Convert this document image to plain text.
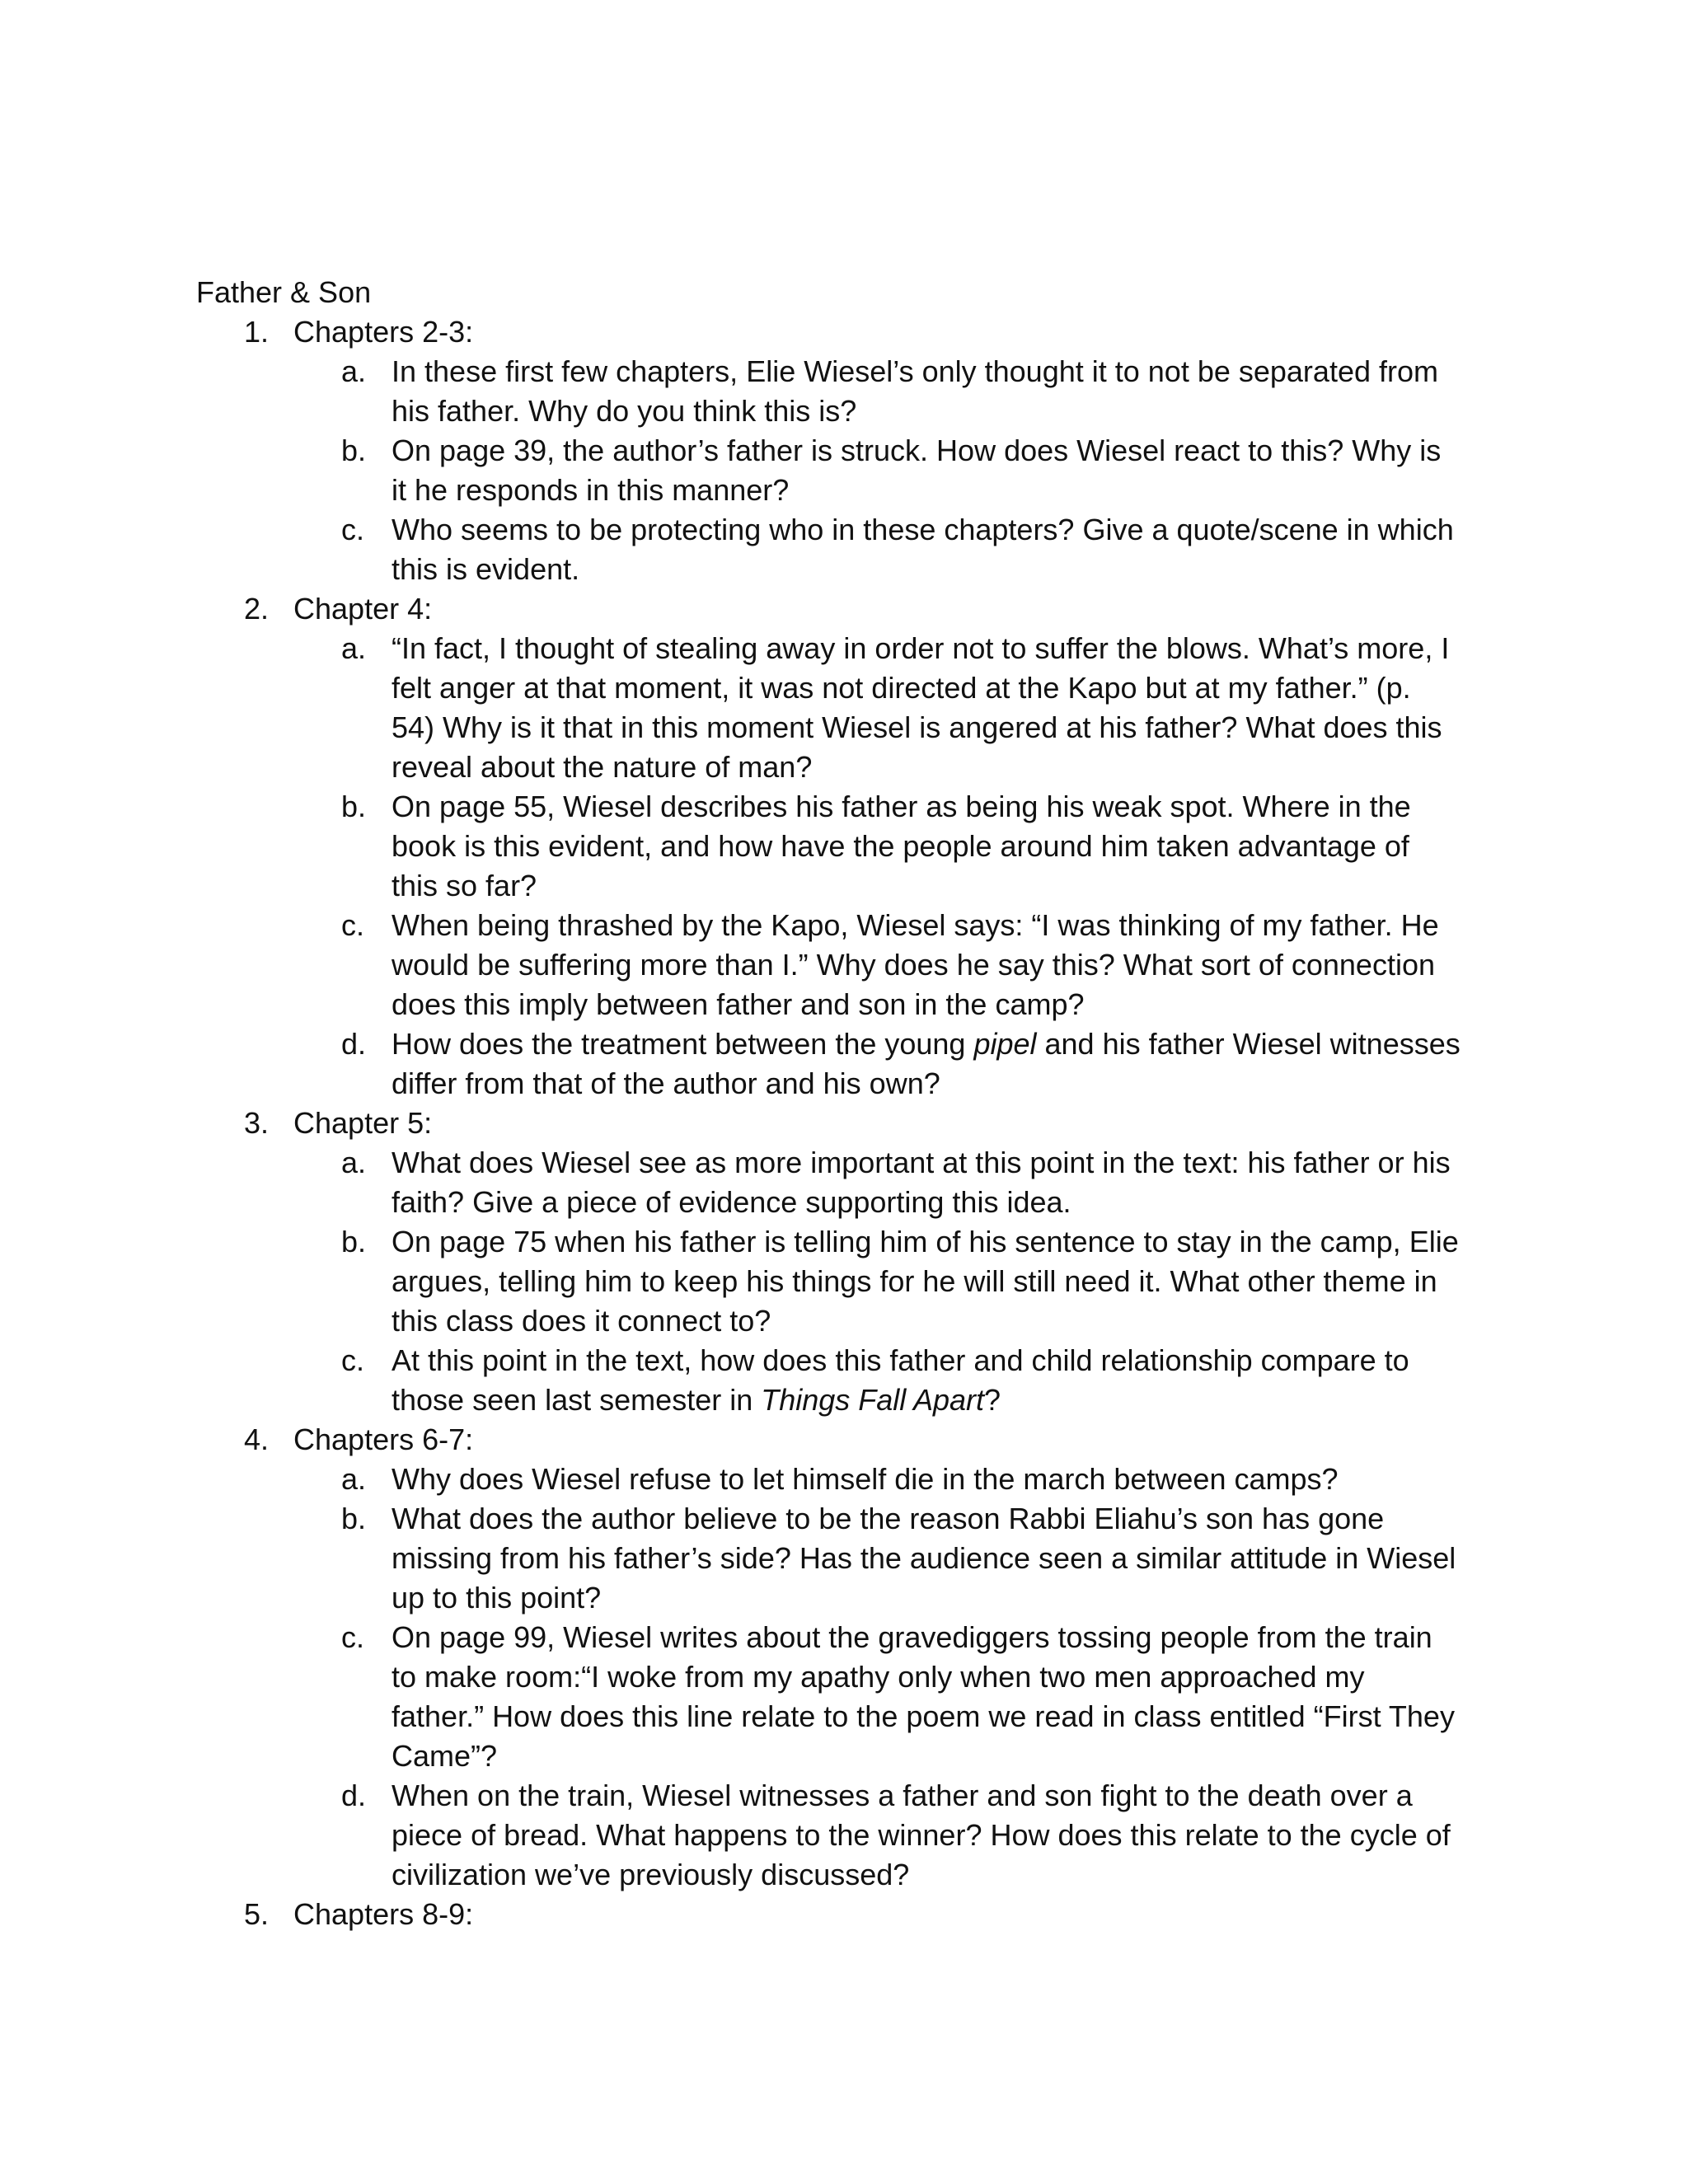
Father & Son
1. Chapters 2-3:
a. In these first few chapters, Elie Wiesel’s only thought it to not be separated from
his father. Why do you think this is?
b. On page 39, the author’s father is struck. How does Wiesel react to this? Why is
it he responds in this manner?
c. Who seems to be protecting who in these chapters? Give a quote/scene in which
this is evident.
2. Chapter 4:
a. “In fact, I thought of stealing away in order not to suffer the blows. What’s more, I
felt anger at that moment, it was not directed at the Kapo but at my father.” (p.
54) Why is it that in this moment Wiesel is angered at his father? What does this
reveal about the nature of man?
b. On page 55, Wiesel describes his father as being his weak spot. Where in the
book is this evident, and how have the people around him taken advantage of
this so far?
c. When being thrashed by the Kapo, Wiesel says: “I was thinking of my father. He
would be suffering more than I.” Why does he say this? What sort of connection
does this imply between father and son in the camp?
d. How does the treatment between the young pipel and his father Wiesel witnesses
differ from that of the author and his own?
3. Chapter 5:
a. What does Wiesel see as more important at this point in the text: his father or his
faith? Give a piece of evidence supporting this idea.
b. On page 75 when his father is telling him of his sentence to stay in the camp, Elie
argues, telling him to keep his things for he will still need it. What other theme in
this class does it connect to?
c. At this point in the text, how does this father and child relationship compare to
those seen last semester in Things Fall Apart?
4. Chapters 6-7:
a. Why does Wiesel refuse to let himself die in the march between camps?
b. What does the author believe to be the reason Rabbi Eliahu’s son has gone
missing from his father’s side? Has the audience seen a similar attitude in Wiesel
up to this point?
c. On page 99, Wiesel writes about the gravediggers tossing people from the train
to make room:“I woke from my apathy only when two men approached my
father.” How does this line relate to the poem we read in class entitled “First They
Came”?
d. When on the train, Wiesel witnesses a father and son fight to the death over a
piece of bread. What happens to the winner? How does this relate to the cycle of
civilization we’ve previously discussed?
5. Chapters 8-9:
